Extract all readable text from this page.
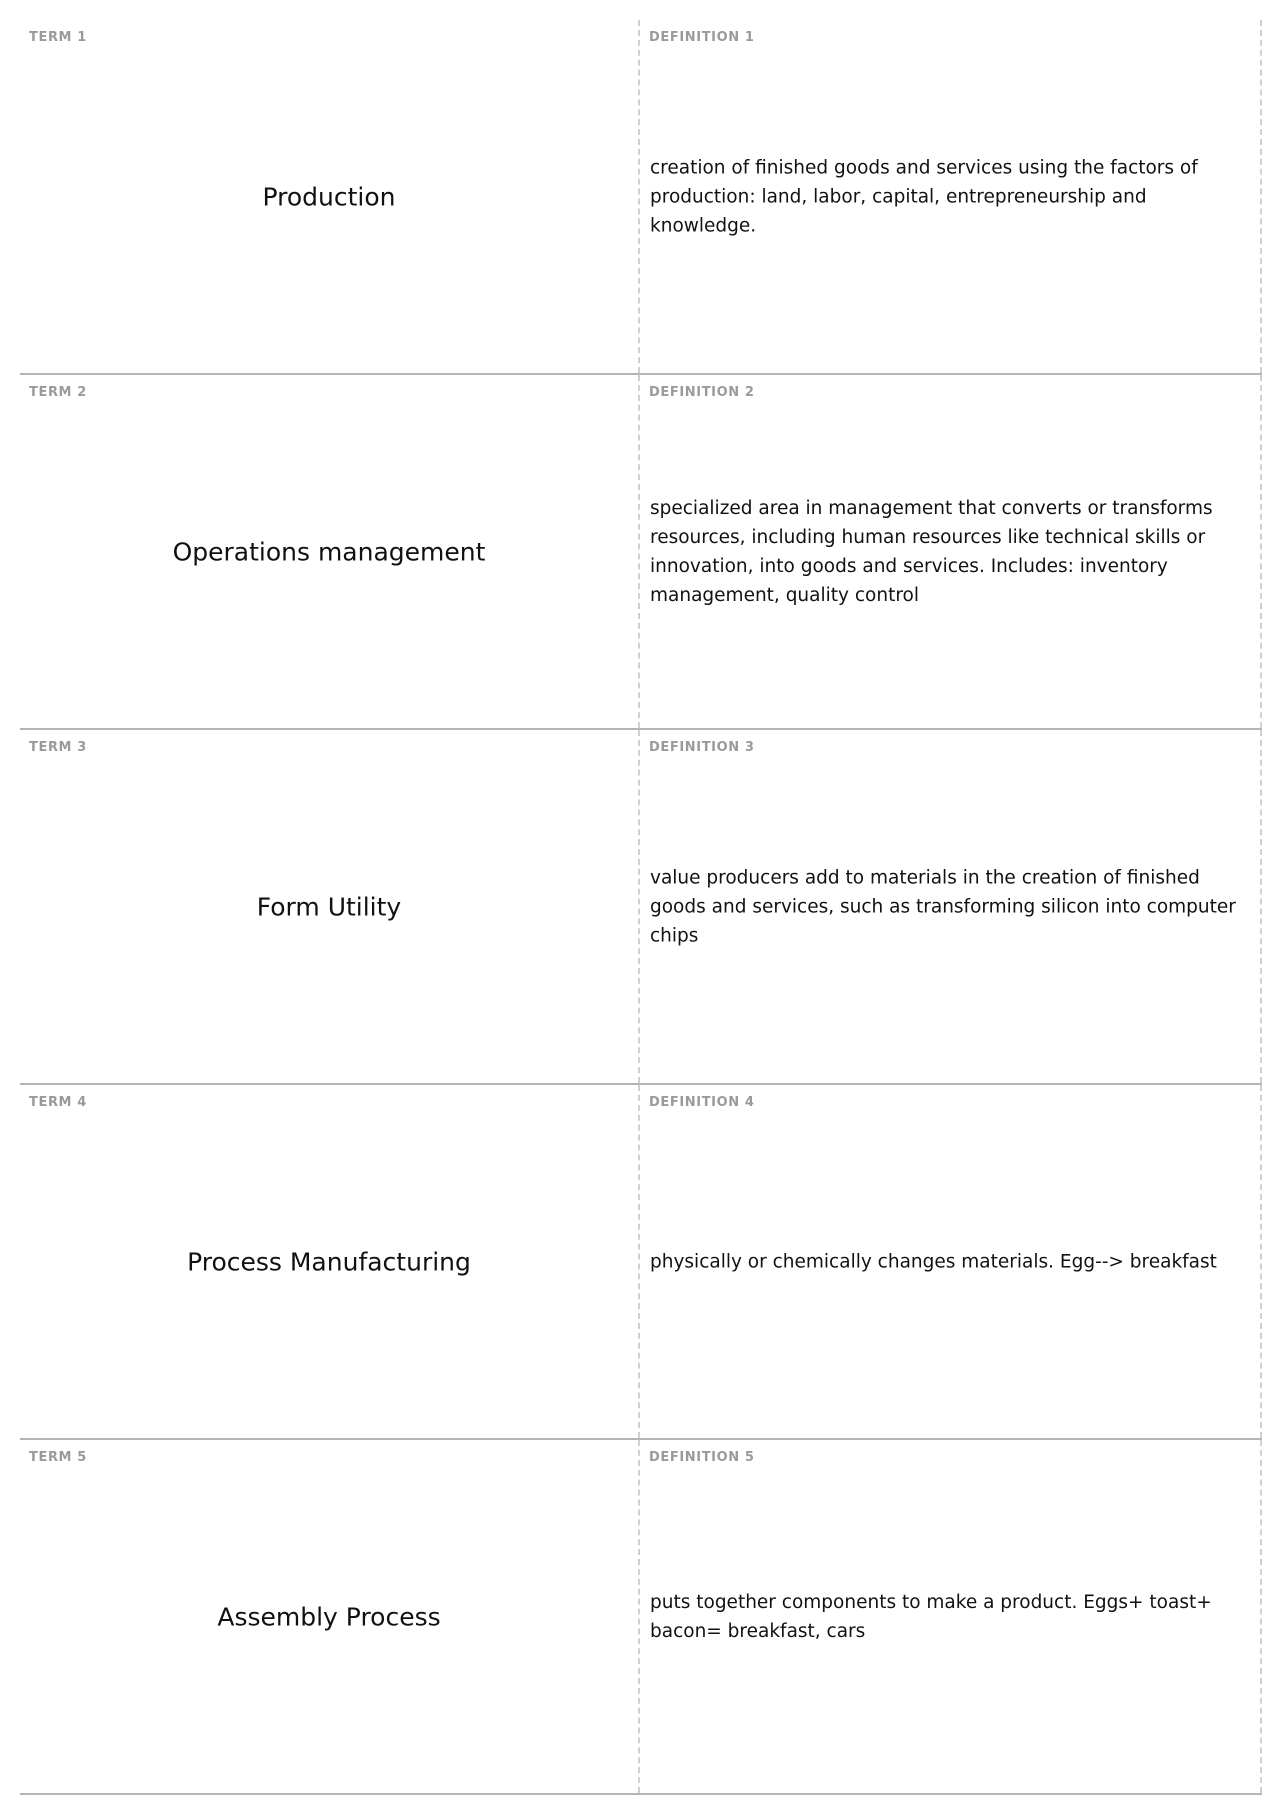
TERM 1
Production
DEFINITION 1
creation of finished goods and services using the factors of production: land, labor, capital, entrepreneurship and knowledge.
TERM 2
Operations management
DEFINITION 2
specialized area in management that converts or transforms resources, including human resources like technical skills or innovation, into goods and services. Includes: inventory management, quality control
TERM 3
Form Utility
DEFINITION 3
value producers add to materials in the creation of finished goods and services, such as transforming silicon into computer chips
TERM 4
Process Manufacturing
DEFINITION 4
physically or chemically changes materials. Egg--> breakfast
TERM 5
Assembly Process
DEFINITION 5
puts together components to make a product. Eggs+ toast+ bacon= breakfast, cars
